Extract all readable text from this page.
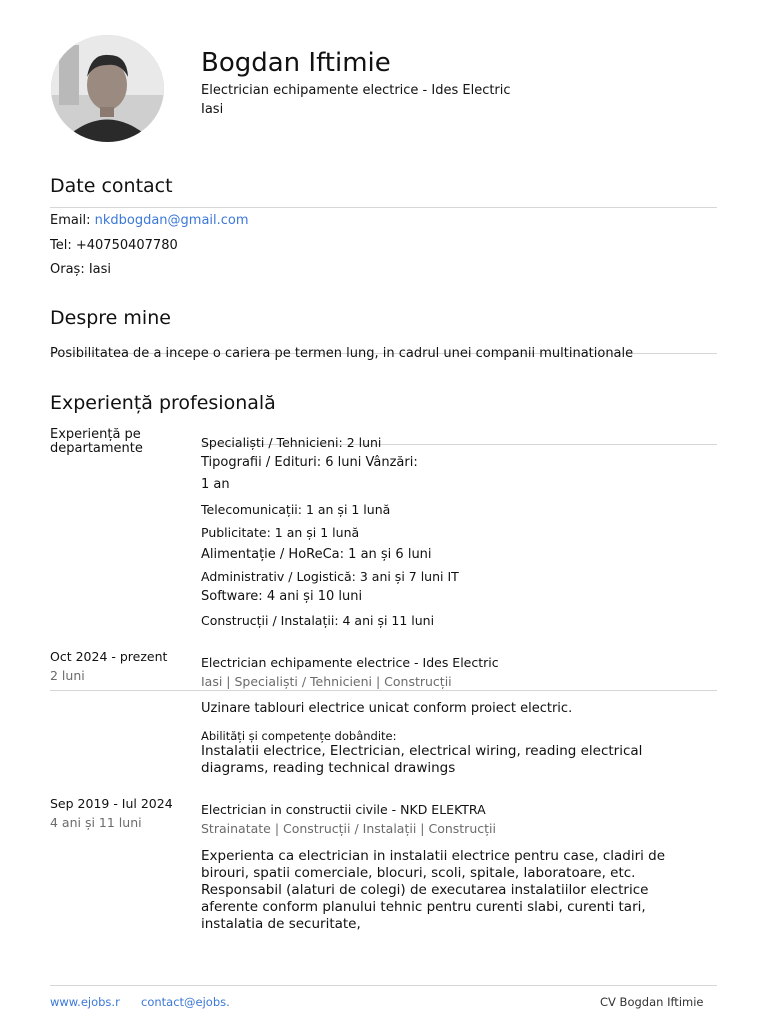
Bogdan Iftimie
Electrician echipamente electrice - Ides Electric
Iasi
Date contact
Email: nkdbogdan@gmail.com
Tel: +40750407780
Oraș: Iasi
Despre mine
Posibilitatea de a incepe o cariera pe termen lung, in cadrul unei companii multinationale
Experiență profesională
Experiență pe departamente	Specialiști / Tehnicieni: 2 luni
Tipografii / Edituri: 6 luni Vânzări:
1 an
Telecomunicații: 1 an și 1 lună
Publicitate: 1 an și 1 lună
Alimentație / HoReCa: 1 an și 6 luni
Administrativ / Logistică: 3 ani și 7 luni IT
Software: 4 ani și 10 luni
Construcții / Instalații: 4 ani și 11 luni
Oct 2024 - prezent
2 luni
Electrician echipamente electrice - Ides Electric
Iasi | Specialiști / Tehnicieni | Construcții
Uzinare tablouri electrice unicat conform proiect electric.
Abilități și competențe dobândite:
Instalatii electrice, Electrician, electrical wiring, reading electrical diagrams, reading technical drawings
Sep 2019 - Iul 2024
4 ani și 11 luni
Electrician in constructii civile - NKD ELEKTRA
Strainatate | Construcții / Instalații | Construcții
Experienta ca electrician in instalatii electrice pentru case, cladiri de birouri, spatii comerciale, blocuri, scoli, spitale, laboratoare, etc. Responsabil (alaturi de colegi) de executarea instalatiilor electrice aferente conform planului tehnic pentru curenti slabi, curenti tari, instalatia de securitate,
www.ejobs.r contact@ejobs.	CV Bogdan Iftimie
